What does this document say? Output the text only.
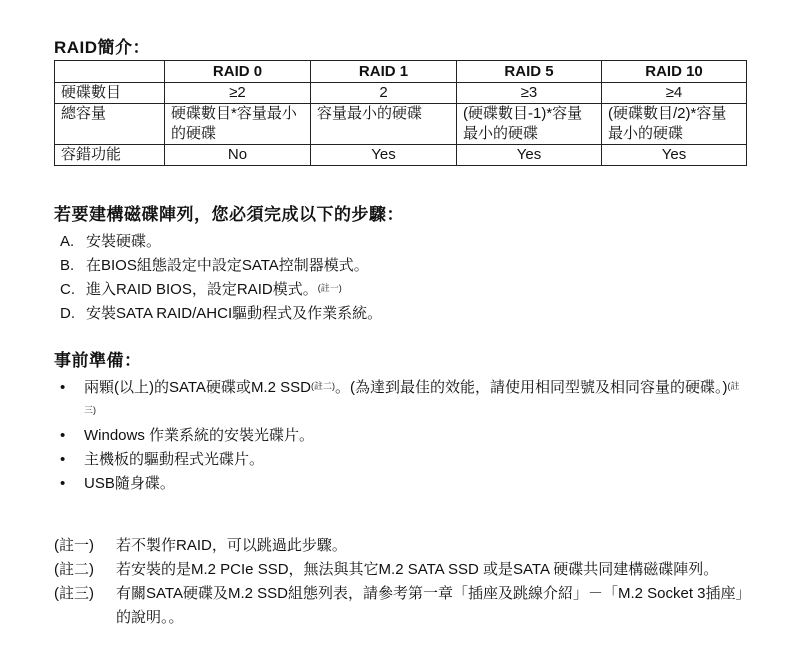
RAID簡介：
	RAID 0	RAID 1	RAID 5	RAID 10
硬碟數目	≥2	2	≥3	≥4
總容量	硬碟數目*容量最小的硬碟	容量最小的硬碟	(硬碟數目-1)*容量最小的硬碟	(硬碟數目/2)*容量最小的硬碟
容錯功能	No	Yes	Yes	Yes
若要建構磁碟陣列，您必須完成以下的步驟：
A. 安裝硬碟。
B. 在BIOS組態設定中設定SATA控制器模式。
C. 進入RAID BIOS，設定RAID模式。$^{(註一)}$
D. 安裝SATA RAID/AHCI驅動程式及作業系統。
事前準備：
• 兩顆(以上)的SATA硬碟或M.2 $SSD^{(註二)}$。(為達到最佳的效能，請使用相同型號及相同容量的硬碟。)$^{(註三)}$
• Windows 作業系統的安裝光碟片。
• 主機板的驅動程式光碟片。
• USB隨身碟。
(註一) 若不製作RAID，可以跳過此步驟。
(註二) 若安裝的是M.2 PCIe SSD，無法與其它M.2 SATA SSD 或是SATA 硬碟共同建構磁碟陣列。
(註三) 有關SATA硬碟及M.2 SSD組態列表，請參考第一章「插座及跳線介紹」－「M.2 Socket 3插座」的說明。。
